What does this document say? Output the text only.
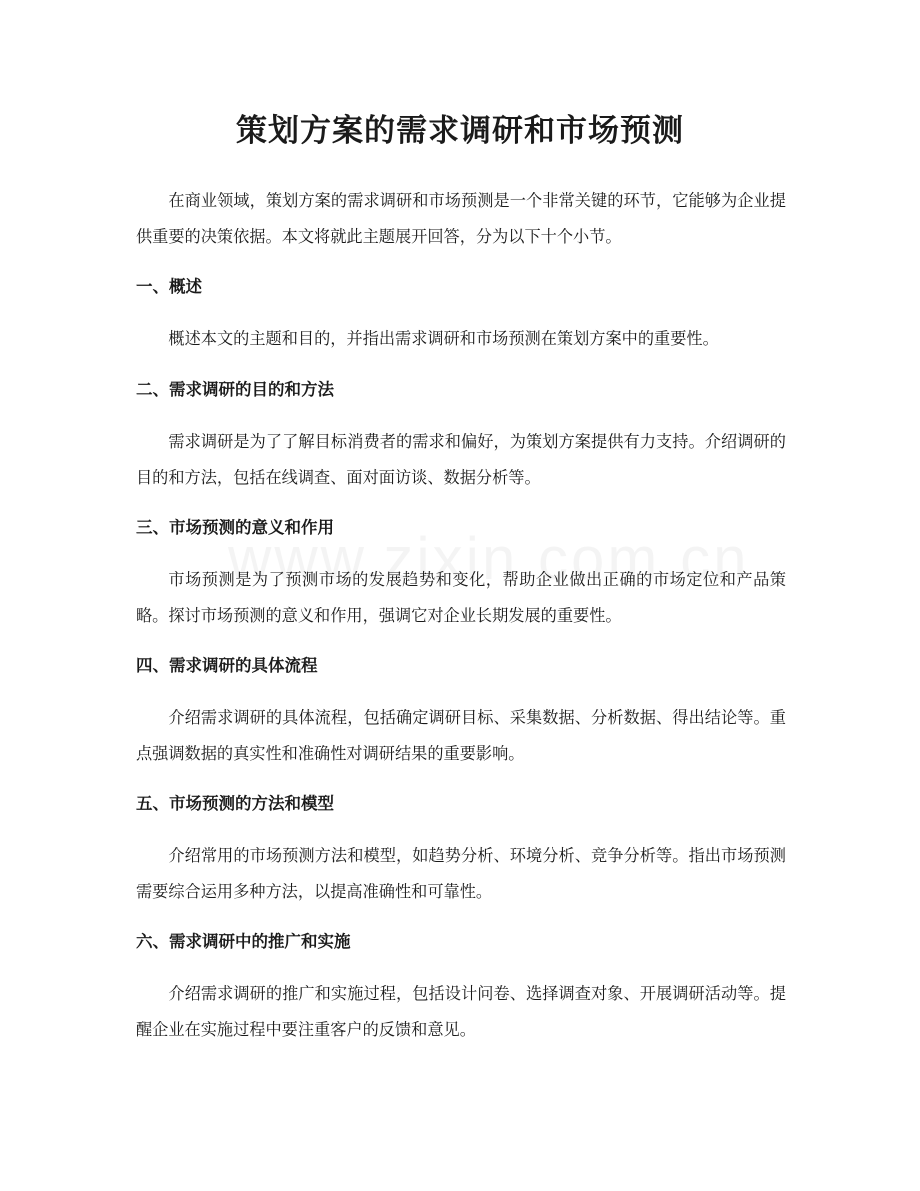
策划方案的需求调研和市场预测

在商业领域，策划方案的需求调研和市场预测是一个非常关键的环节，它能够为企业提供重要的决策依据。本文将就此主题展开回答，分为以下十个小节。

一、概述

概述本文的主题和目的，并指出需求调研和市场预测在策划方案中的重要性。

二、需求调研的目的和方法

需求调研是为了了解目标消费者的需求和偏好，为策划方案提供有力支持。介绍调研的目的和方法，包括在线调查、面对面访谈、数据分析等。

三、市场预测的意义和作用

市场预测是为了预测市场的发展趋势和变化，帮助企业做出正确的市场定位和产品策略。探讨市场预测的意义和作用，强调它对企业长期发展的重要性。

四、需求调研的具体流程

介绍需求调研的具体流程，包括确定调研目标、采集数据、分析数据、得出结论等。重点强调数据的真实性和准确性对调研结果的重要影响。

五、市场预测的方法和模型

介绍常用的市场预测方法和模型，如趋势分析、环境分析、竞争分析等。指出市场预测需要综合运用多种方法，以提高准确性和可靠性。

六、需求调研中的推广和实施

介绍需求调研的推广和实施过程，包括设计问卷、选择调查对象、开展调研活动等。提醒企业在实施过程中要注重客户的反馈和意见。
